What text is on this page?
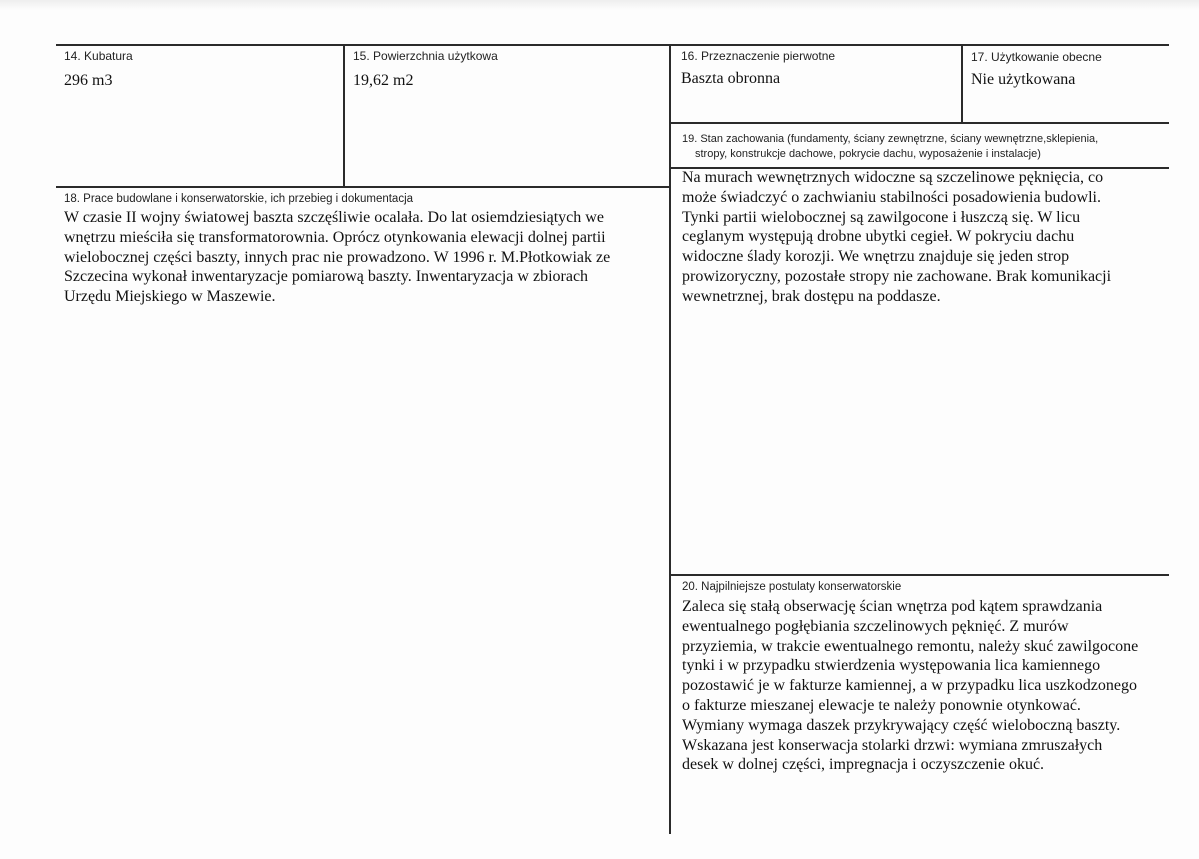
14. Kubatura
296 m3
15. Powierzchnia użytkowa
19,62 m2
16. Przeznaczenie pierwotne
Baszta obronna
17. Użytkowanie obecne
Nie użytkowana
18. Prace budowlane i konserwatorskie, ich przebieg i dokumentacja
W czasie II wojny światowej baszta szczęśliwie ocalała. Do lat osiemdziesiątych we
wnętrzu mieściła się transformatorownia. Oprócz otynkowania elewacji dolnej partii
wielobocznej części baszty, innych prac nie prowadzono. W 1996 r. M.Płotkowiak ze
Szczecina wykonał inwentaryzacje pomiarową baszty. Inwentaryzacja w zbiorach
Urzędu Miejskiego w Maszewie.
19. Stan zachowania (fundamenty, ściany zewnętrzne, ściany wewnętrzne,sklepienia,
stropy, konstrukcje dachowe, pokrycie dachu, wyposażenie i instalacje)
Na murach wewnętrznych widoczne są szczelinowe pęknięcia, co
może świadczyć o zachwianiu stabilności posadowienia budowli.
Tynki partii wielobocznej są zawilgocone i łuszczą się. W licu
ceglanym występują drobne ubytki cegieł. W pokryciu dachu
widoczne ślady korozji. We wnętrzu znajduje się jeden strop
prowizoryczny, pozostałe stropy nie zachowane. Brak komunikacji
wewnetrznej, brak dostępu na poddasze.
20. Najpilniejsze postulaty konserwatorskie
Zaleca się stałą obserwację ścian wnętrza pod kątem sprawdzania
ewentualnego pogłębiania szczelinowych pęknięć. Z murów
przyziemia, w trakcie ewentualnego remontu, należy skuć zawilgocone
tynki i w przypadku stwierdzenia występowania lica kamiennego
pozostawić je w fakturze kamiennej, a w przypadku lica uszkodzonego
o fakturze mieszanej elewacje te należy ponownie otynkować.
Wymiany wymaga daszek przykrywający część wieloboczną baszty.
Wskazana jest konserwacja stolarki drzwi: wymiana zmruszałych
desek w dolnej części, impregnacja i oczyszczenie okuć.
